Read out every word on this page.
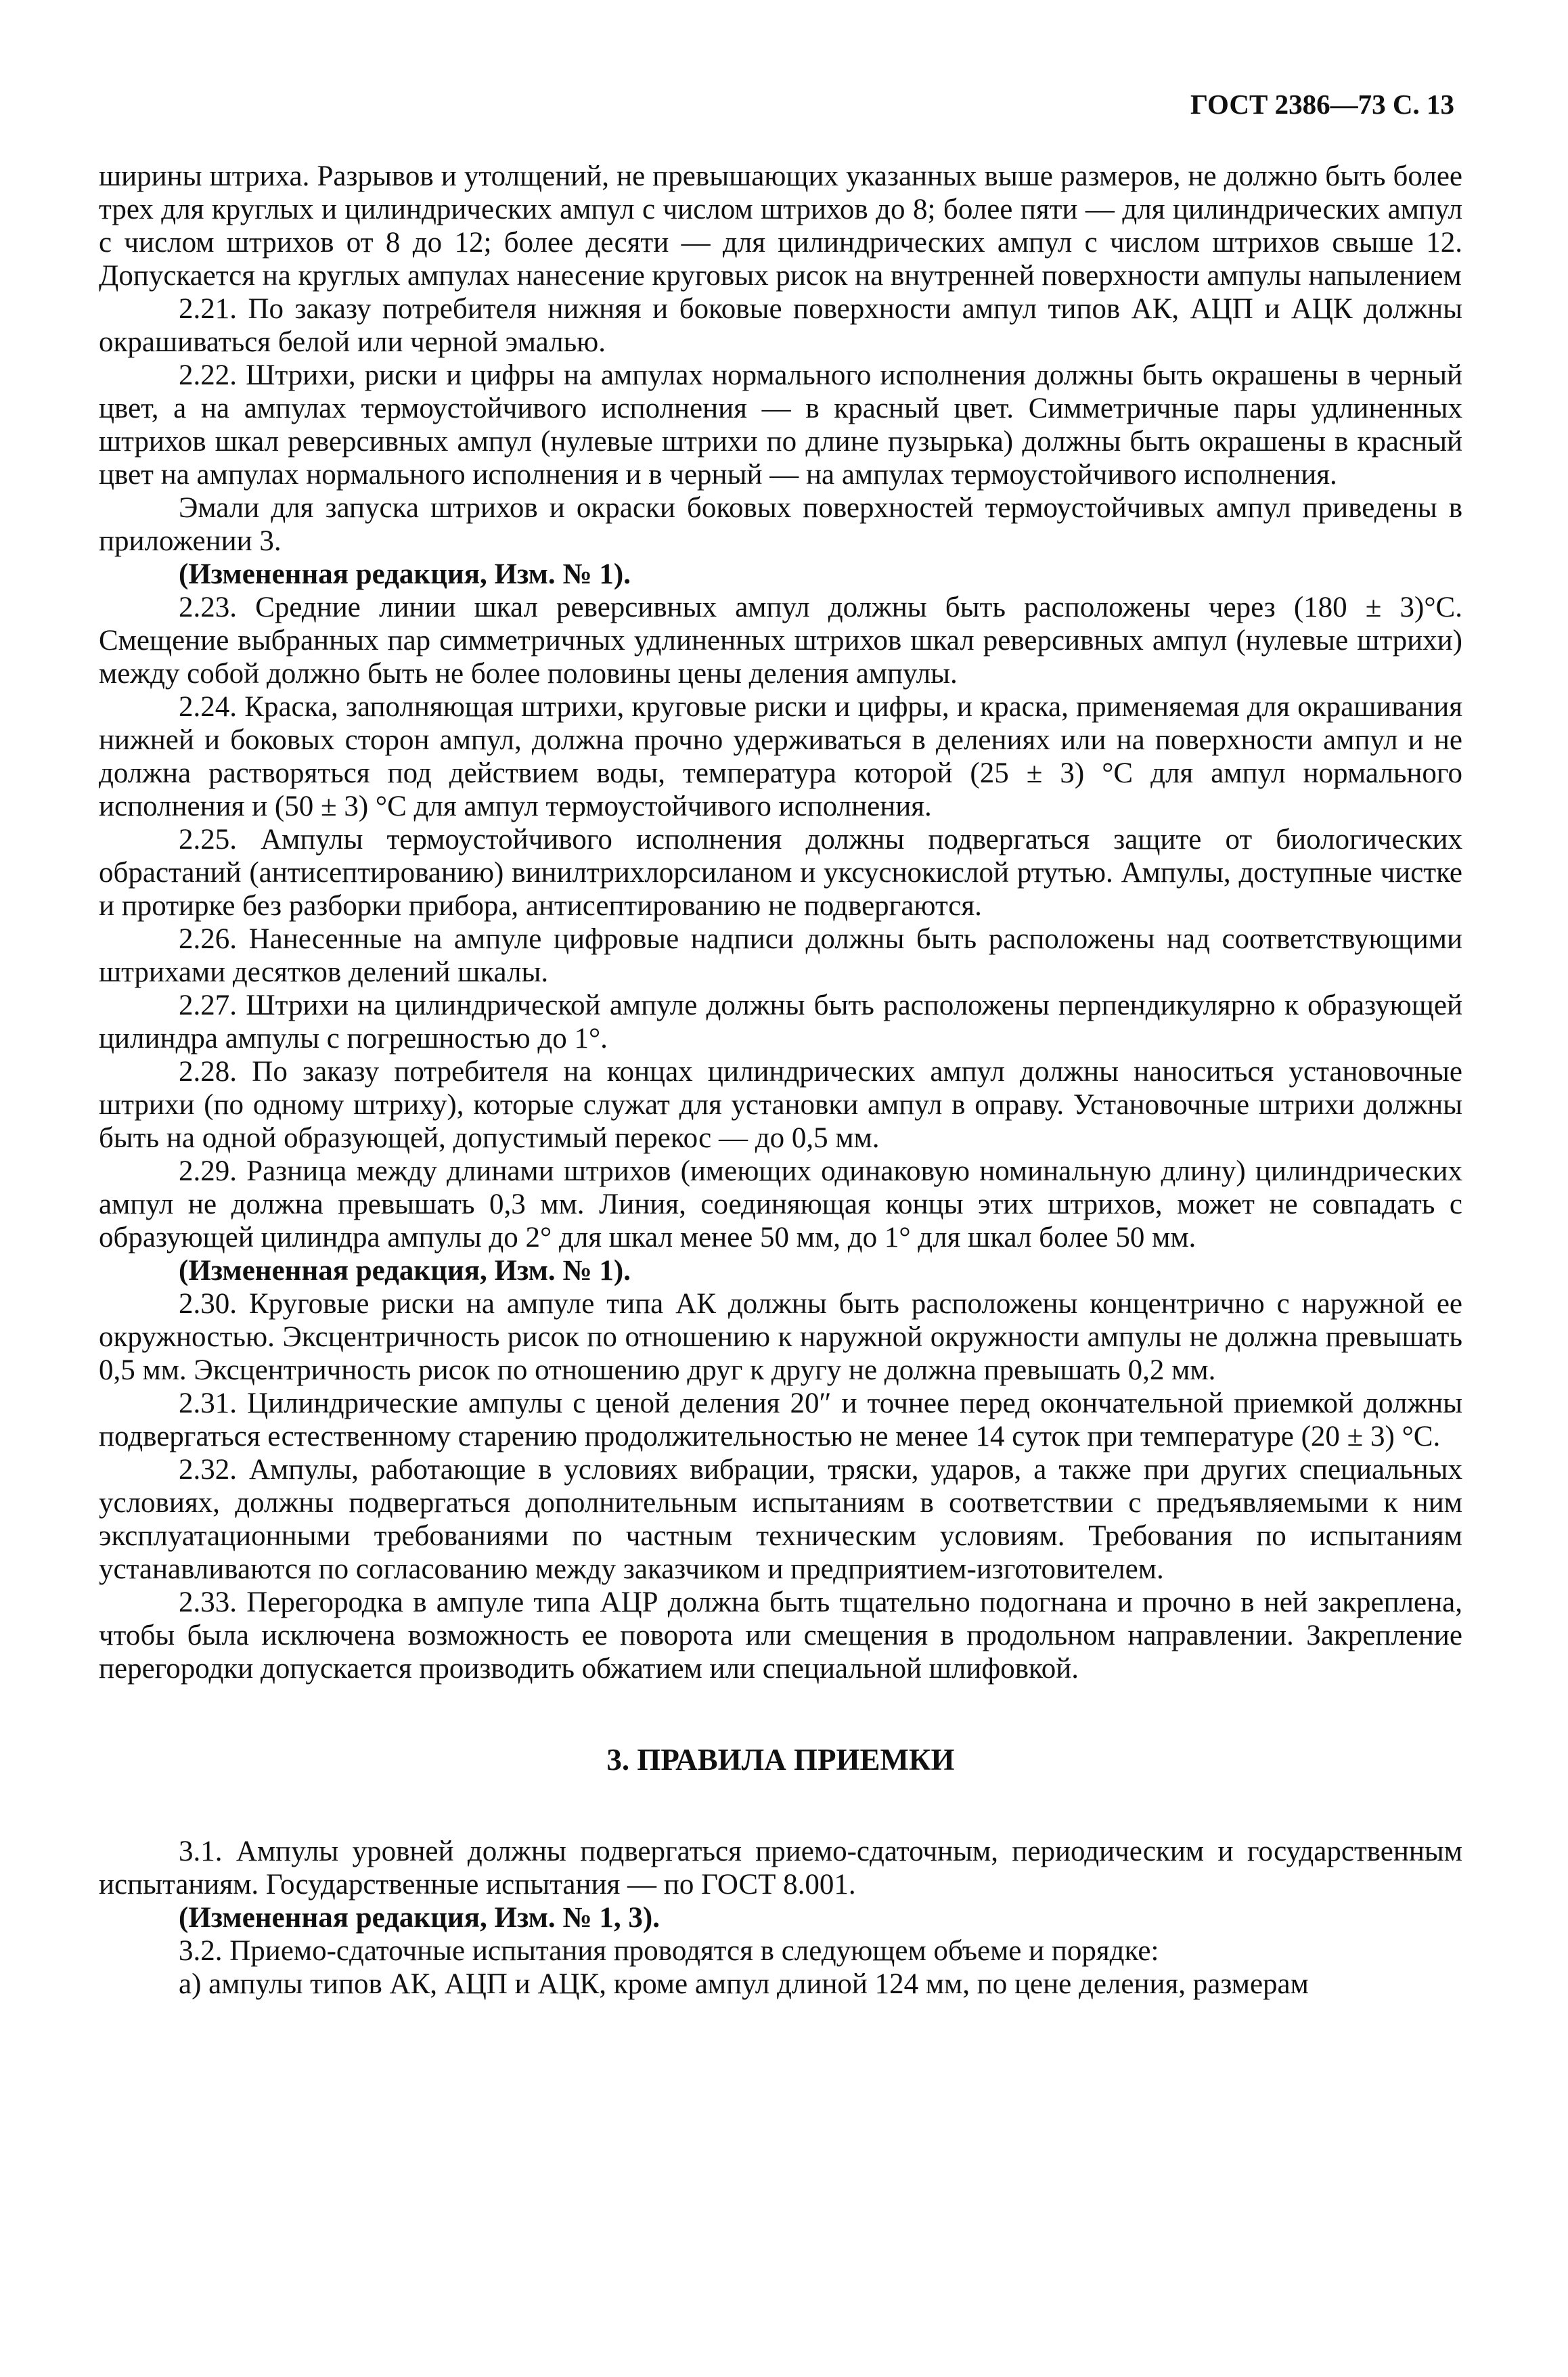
ГОСТ 2386—73 С. 13

ширины штриха. Разрывов и утолщений, не превышающих указанных выше размеров, не должно быть более трех для круглых и цилиндрических ампул с числом штрихов до 8; более пяти — для цилиндрических ампул с числом штрихов от 8 до 12; более десяти — для цилиндрических ампул с числом штрихов свыше 12. Допускается на круглых ампулах нанесение круговых рисок на внутренней поверхности ампулы напылением

2.21. По заказу потребителя нижняя и боковые поверхности ампул типов АК, АЦП и АЦК должны окрашиваться белой или черной эмалью.

2.22. Штрихи, риски и цифры на ампулах нормального исполнения должны быть окрашены в черный цвет, а на ампулах термоустойчивого исполнения — в красный цвет. Симметричные пары удлиненных штрихов шкал реверсивных ампул (нулевые штрихи по длине пузырька) должны быть окрашены в красный цвет на ампулах нормального исполнения и в черный — на ампулах термоустойчивого исполнения.

Эмали для запуска штрихов и окраски боковых поверхностей термоустойчивых ампул приведены в приложении 3.

(Измененная редакция, Изм. № 1).

2.23. Средние линии шкал реверсивных ампул должны быть расположены через (180 ± 3)°С. Смещение выбранных пар симметричных удлиненных штрихов шкал реверсивных ампул (нулевые штрихи) между собой должно быть не более половины цены деления ампулы.

2.24. Краска, заполняющая штрихи, круговые риски и цифры, и краска, применяемая для окрашивания нижней и боковых сторон ампул, должна прочно удерживаться в делениях или на поверхности ампул и не должна растворяться под действием воды, температура которой (25 ± 3) °С для ампул нормального исполнения и (50 ± 3) °С для ампул термоустойчивого исполнения.

2.25. Ампулы термоустойчивого исполнения должны подвергаться защите от биологических обрастаний (антисептированию) винилтрихлорсиланом и уксуснокислой ртутью. Ампулы, доступные чистке и протирке без разборки прибора, антисептированию не подвергаются.

2.26. Нанесенные на ампуле цифровые надписи должны быть расположены над соответствующими штрихами десятков делений шкалы.

2.27. Штрихи на цилиндрической ампуле должны быть расположены перпендикулярно к образующей цилиндра ампулы с погрешностью до 1°.

2.28. По заказу потребителя на концах цилиндрических ампул должны наноситься установочные штрихи (по одному штриху), которые служат для установки ампул в оправу. Установочные штрихи должны быть на одной образующей, допустимый перекос — до 0,5 мм.

2.29. Разница между длинами штрихов (имеющих одинаковую номинальную длину) цилиндрических ампул не должна превышать 0,3 мм. Линия, соединяющая концы этих штрихов, может не совпадать с образующей цилиндра ампулы до 2° для шкал менее 50 мм, до 1° для шкал более 50 мм.

(Измененная редакция, Изм. № 1).

2.30. Круговые риски на ампуле типа АК должны быть расположены концентрично с наружной ее окружностью. Эксцентричность рисок по отношению к наружной окружности ампулы не должна превышать 0,5 мм. Эксцентричность рисок по отношению друг к другу не должна превышать 0,2 мм.

2.31. Цилиндрические ампулы с ценой деления 20″ и точнее перед окончательной приемкой должны подвергаться естественному старению продолжительностью не менее 14 суток при температуре (20 ± 3) °С.

2.32. Ампулы, работающие в условиях вибрации, тряски, ударов, а также при других специальных условиях, должны подвергаться дополнительным испытаниям в соответствии с предъявляемыми к ним эксплуатационными требованиями по частным техническим условиям. Требования по испытаниям устанавливаются по согласованию между заказчиком и предприятием-изготовителем.

2.33. Перегородка в ампуле типа АЦР должна быть тщательно подогнана и прочно в ней закреплена, чтобы была исключена возможность ее поворота или смещения в продольном направлении. Закрепление перегородки допускается производить обжатием или специальной шлифовкой.

3. ПРАВИЛА ПРИЕМКИ

3.1. Ампулы уровней должны подвергаться приемо-сдаточным, периодическим и государственным испытаниям. Государственные испытания — по ГОСТ 8.001.

(Измененная редакция, Изм. № 1, 3).

3.2. Приемо-сдаточные испытания проводятся в следующем объеме и порядке:

а) ампулы типов АК, АЦП и АЦК, кроме ампул длиной 124 мм, по цене деления, размерам
